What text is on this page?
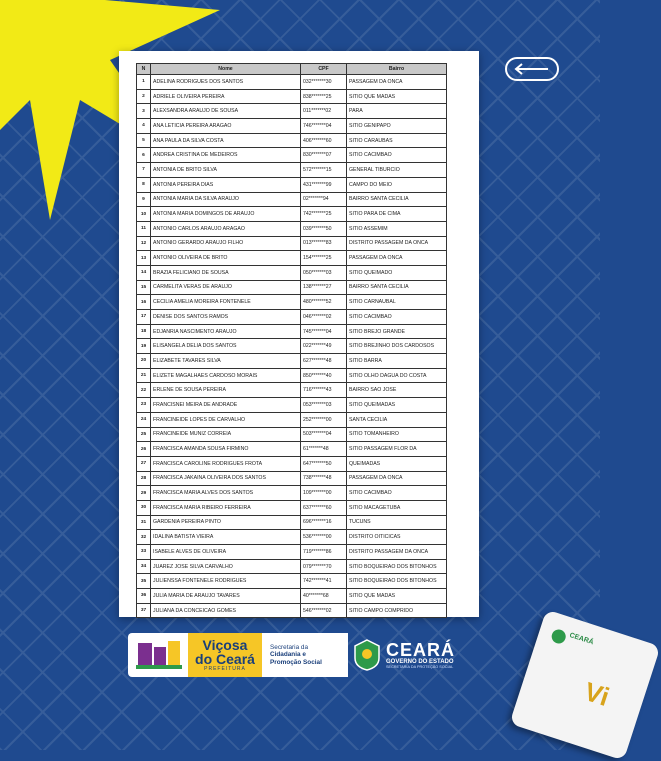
N	Nome	CPF	Bairro
1	ADELINA RODRIGUES DOS SANTOS	032*******30	PASSAGEM DA ONCA
2	ADRIELE OLIVEIRA PEREIRA	838*******25	SITIO QUE MADAS
3	ALEXSANDRA ARAUJO DE SOUSA	011*******02	PARA
4	ANA LETICIA PEREIRA ARAGAO	746*******04	SITIO GENIPAPO
5	ANA PAULA DA SILVA COSTA	406*******60	SITIO CARAUBAS
6	ANDREA CRISTINA DE MEDEIROS	830*******07	SITIO CACIMBAO
7	ANTONIA DE BRITO SILVA	572*******15	GENERAL TIBURCIO
8	ANTONIA PEREIRA DIAS	431*******99	CAMPO DO MEIO
9	ANTONIA MARIA DA SILVA ARAUJO	02*******94	BAIRRO SANTA CECILIA
10	ANTONIA MARIA DOMINGOS DE ARAUJO	742*******25	SITIO PARA DE CIMA
11	ANTONIO CARLOS ARAUJO ARAGAO	039*******50	SITIO ASSEMIM
12	ANTONIO GERARDO ARAUJO FILHO	013*******83	DISTRITO PASSAGEM DA ONCA
13	ANTONIO OLIVEIRA DE BRITO	154*******25	PASSAGEM DA ONCA
14	BRAZIA FELICIANO DE SOUSA	050*******03	SITIO QUEIMADO
15	CARMELITA VERAS DE ARAUJO	138*******27	BAIRRO SANTA CECILIA
16	CECILIA AMELIA MOREIRA FONTENELE	480*******52	SITIO CARNAUBAL
17	DENISE DOS SANTOS RAMOS	046*******02	SITIO CACIMBAO
18	EDJANRIA NASCIMENTO ARAUJO	745*******04	SITIO BREJO GRANDE
19	ELISANGELA DELIA DOS SANTOS	022*******49	SITIO BREJINHO DOS CARDOSOS
20	ELIZABETE TAVARES SILVA	627*******48	SITIO BARRA
21	ELIZETE MAGALHAES CARDOSO MORAIS	850*******40	SITIO OLHO DAGUA DO COSTA
22	ERLENE DE SOUSA PEREIRA	716*******43	BAIRRO SAO JOSE
23	FRANCISNEI MEIRA DE ANDRADE	053*******03	SITIO QUEIMADAS
24	FRANCINEIDE LOPES DE CARVALHO	252*******00	SANTA CECILIA
25	FRANCINEIDE MUNIZ CORREIA	503*******04	SITIO TOMANHEIRO
26	FRANCISCA AMANDA SOUSA FIRMINO	61*******48	SITIO PASSAGEM FLOR DA
27	FRANCISCA CAROLINE RODRIGUES FROTA	647*******50	QUEIMADAS
28	FRANCISCA JAKAINA OLIVEIRA DOS SANTOS	738*******48	PASSAGEM DA ONCA
29	FRANCISCA MARIA ALVES DOS SANTOS	109*******00	SITIO CACIMBAO
30	FRANCISCA MARIA RIBEIRO FERREIRA	637*******60	SITIO MACAGETUBA
31	GARDENIA PEREIRA PINTO	696*******16	TUCUNS
32	IDALINA BATISTA VIEIRA	536*******00	DISTRITO OITICICAS
33	ISABELE ALVES DE OLIVEIRA	719*******86	DISTRITO PASSAGEM DA ONCA
34	JUAREZ JOSE SILVA CARVALHO	079*******70	SITIO BOQUEIRAO DOS BITONHOS
35	JULIENSSA FONTENELE RODRIGUES	742*******41	SITIO BOQUEIRAO DOS BITONHOS
36	JULIA MARIA DE ARAUJO TAVARES	40*******68	SITIO QUE MADAS
37	JULIANA DA CONCEICAO GOMES	546*******02	SITIO CAMPO COMPRIDO
Viçosa
do Ceará
PREFEITURA
Secretaria da
Cidadania e
Promoção Social
CEARÁ
GOVERNO DO ESTADO
SECRETARIA DA PROTEÇÃO SOCIAL
CEARÁ
Vi
